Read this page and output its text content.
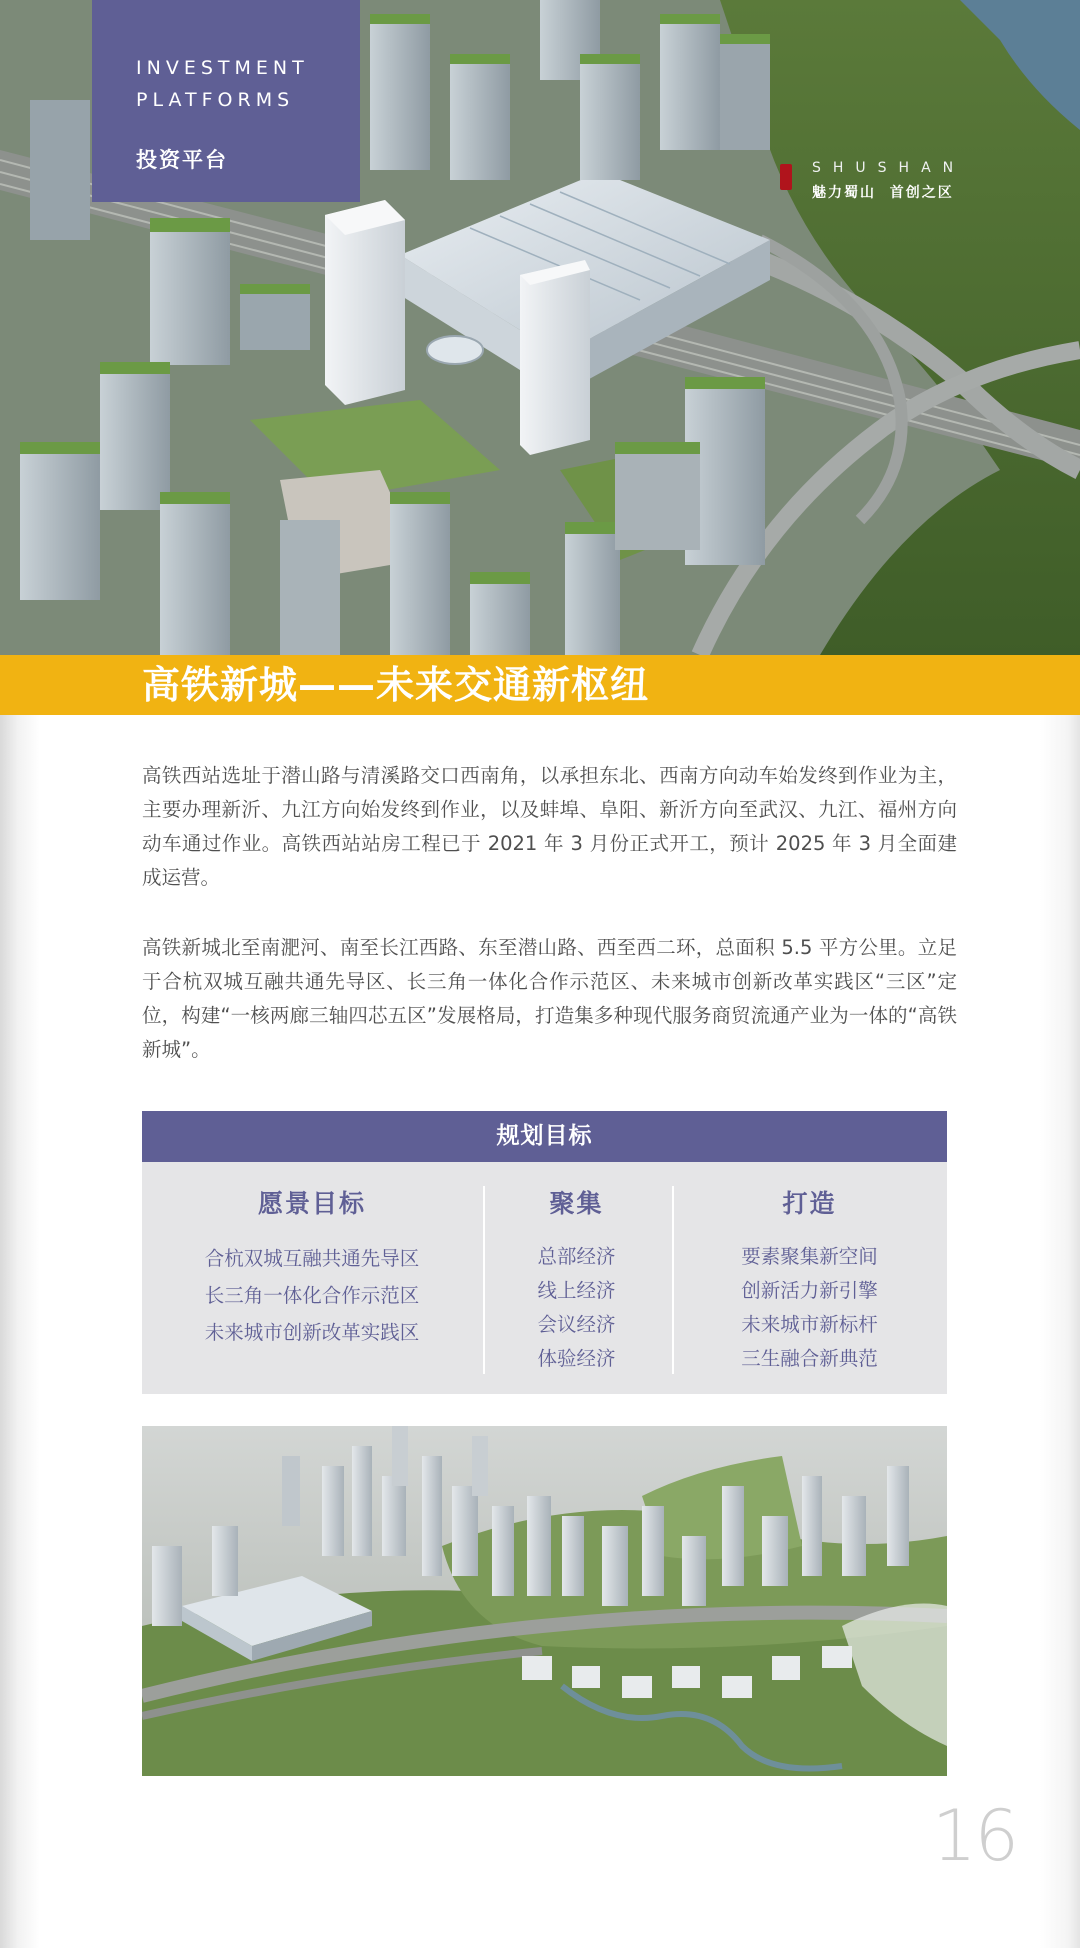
INVESTMENT
PLATFORMS

投资平台	SHUSHAN
魅力蜀山  首创之区
高铁新城——未来交通新枢纽

高铁西站选址于潜山路与清溪路交口西南角，以承担东北、西南方向动车始发终到作业为主，主要办理新沂、九江方向始发终到作业，以及蚌埠、阜阳、新沂方向至武汉、九江、福州方向动车通过作业。高铁西站站房工程已于 2021 年 3 月份正式开工，预计 2025 年 3 月全面建成运营。

高铁新城北至南淝河、南至长江西路、东至潜山路、西至西二环，总面积 5.5 平方公里。立足于合杭双城互融共通先导区、长三角一体化合作示范区、未来城市创新改革实践区“三区”定位，构建“一核两廊三轴四芯五区”发展格局，打造集多种现代服务商贸流通产业为一体的“高铁新城”。

规划目标
愿景目标
合杭双城互融共通先导区
长三角一体化合作示范区
未来城市创新改革实践区
聚集
总部经济
线上经济
会议经济
体验经济
打造
要素聚集新空间
创新活力新引擎
未来城市新标杆
三生融合新典范
16
